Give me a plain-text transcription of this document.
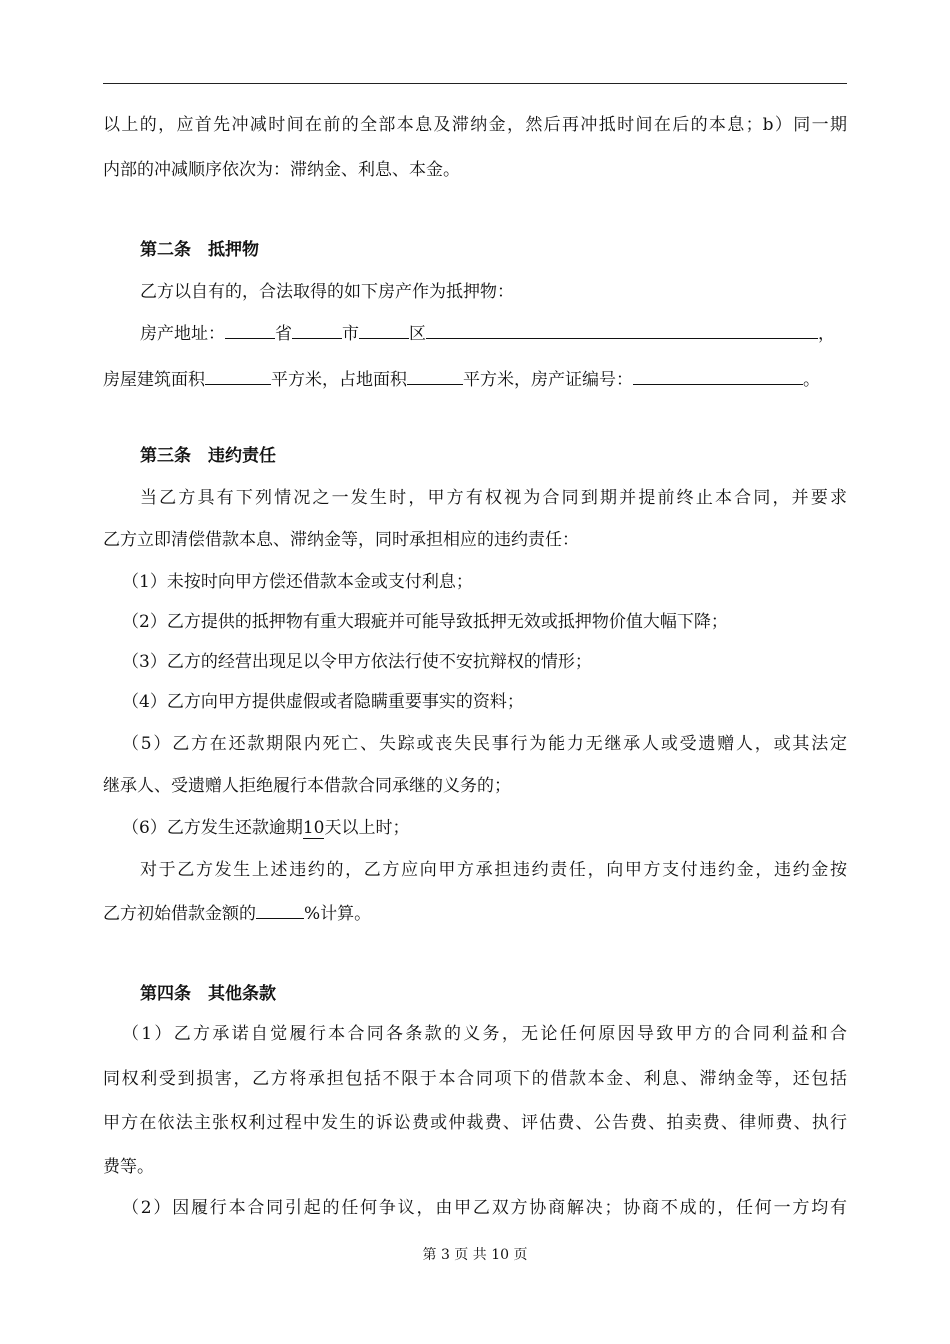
以上的，应首先冲减时间在前的全部本息及滞纳金，然后再冲抵时间在后的本息；b）同一期
内部的冲减顺序依次为：滞纳金、利息、本金。
第二条　抵押物
乙方以自有的，合法取得的如下房产作为抵押物：
房产地址：	省	市	区	，
房屋建筑面积	平方米，占地面积	平方米，房产证编号：	。
第三条　违约责任
当乙方具有下列情况之一发生时，甲方有权视为合同到期并提前终止本合同，并要求
乙方立即清偿借款本息、滞纳金等，同时承担相应的违约责任：
（1）未按时向甲方偿还借款本金或支付利息；
（2）乙方提供的抵押物有重大瑕疵并可能导致抵押无效或抵押物价值大幅下降；
（3）乙方的经营出现足以令甲方依法行使不安抗辩权的情形；
（4）乙方向甲方提供虚假或者隐瞒重要事实的资料；
（5）乙方在还款期限内死亡、失踪或丧失民事行为能力无继承人或受遗赠人，或其法定
继承人、受遗赠人拒绝履行本借款合同承继的义务的；
（6）乙方发生还款逾期10天以上时；
对于乙方发生上述违约的，乙方应向甲方承担违约责任，向甲方支付违约金，违约金按
乙方初始借款金额的	%计算。
第四条　其他条款
（1）乙方承诺自觉履行本合同各条款的义务，无论任何原因导致甲方的合同利益和合
同权利受到损害，乙方将承担包括不限于本合同项下的借款本金、利息、滞纳金等，还包括
甲方在依法主张权利过程中发生的诉讼费或仲裁费、评估费、公告费、拍卖费、律师费、执行
费等。
（2）因履行本合同引起的任何争议，由甲乙双方协商解决；协商不成的，任何一方均有
第 3 页 共 10 页
